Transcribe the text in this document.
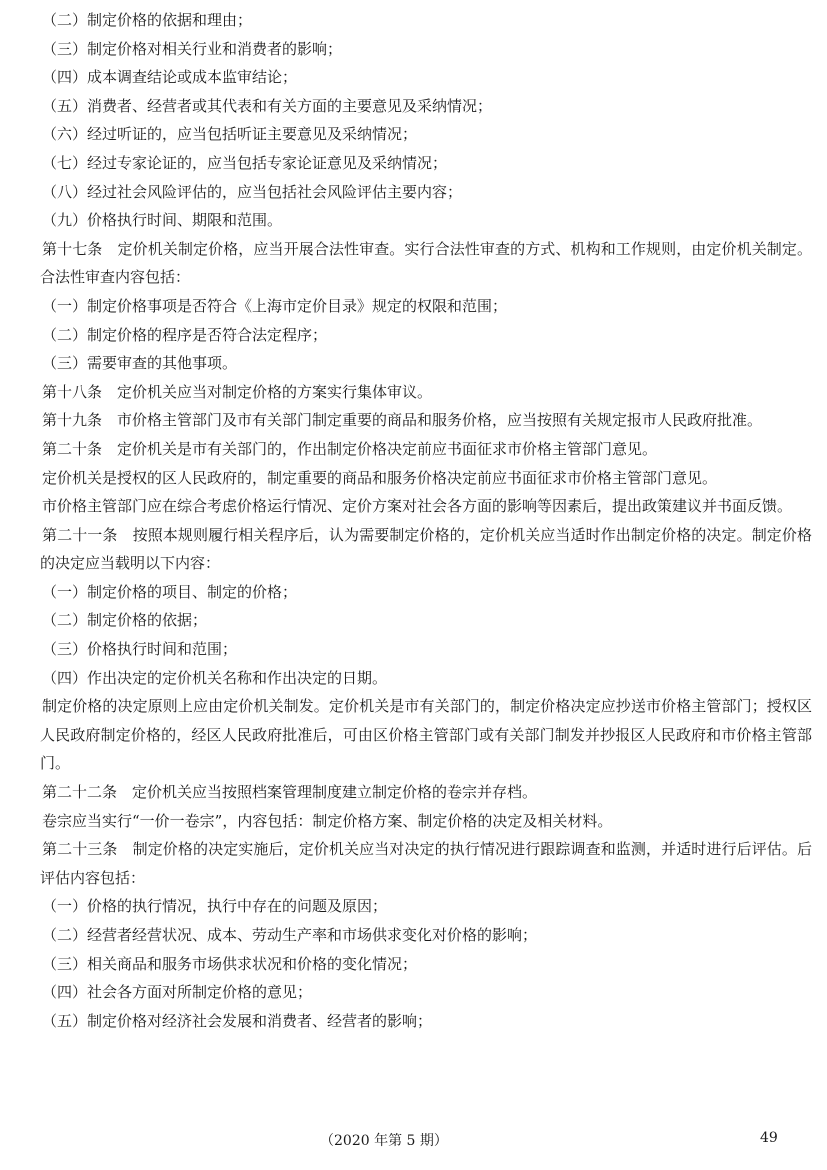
（二）制定价格的依据和理由；

（三）制定价格对相关行业和消费者的影响；

（四）成本调查结论或成本监审结论；

（五）消费者、经营者或其代表和有关方面的主要意见及采纳情况；

（六）经过听证的，应当包括听证主要意见及采纳情况；

（七）经过专家论证的，应当包括专家论证意见及采纳情况；

（八）经过社会风险评估的，应当包括社会风险评估主要内容；

（九）价格执行时间、期限和范围。

第十七条　定价机关制定价格，应当开展合法性审查。实行合法性审查的方式、机构和工作规则，由定价机关制定。合法性审查内容包括：

（一）制定价格事项是否符合《上海市定价目录》规定的权限和范围；

（二）制定价格的程序是否符合法定程序；

（三）需要审查的其他事项。

第十八条　定价机关应当对制定价格的方案实行集体审议。

第十九条　市价格主管部门及市有关部门制定重要的商品和服务价格，应当按照有关规定报市人民政府批准。

第二十条　定价机关是市有关部门的，作出制定价格决定前应书面征求市价格主管部门意见。

定价机关是授权的区人民政府的，制定重要的商品和服务价格决定前应书面征求市价格主管部门意见。

市价格主管部门应在综合考虑价格运行情况、定价方案对社会各方面的影响等因素后，提出政策建议并书面反馈。

第二十一条　按照本规则履行相关程序后，认为需要制定价格的，定价机关应当适时作出制定价格的决定。制定价格的决定应当载明以下内容：

（一）制定价格的项目、制定的价格；

（二）制定价格的依据；

（三）价格执行时间和范围；

（四）作出决定的定价机关名称和作出决定的日期。

制定价格的决定原则上应由定价机关制发。定价机关是市有关部门的，制定价格决定应抄送市价格主管部门；授权区人民政府制定价格的，经区人民政府批准后，可由区价格主管部门或有关部门制发并抄报区人民政府和市价格主管部门。

第二十二条　定价机关应当按照档案管理制度建立制定价格的卷宗并存档。

卷宗应当实行“一价一卷宗”，内容包括：制定价格方案、制定价格的决定及相关材料。

第二十三条　制定价格的决定实施后，定价机关应当对决定的执行情况进行跟踪调查和监测，并适时进行后评估。后评估内容包括：

（一）价格的执行情况，执行中存在的问题及原因；

（二）经营者经营状况、成本、劳动生产率和市场供求变化对价格的影响；

（三）相关商品和服务市场供求状况和价格的变化情况；

（四）社会各方面对所制定价格的意见；

（五）制定价格对经济社会发展和消费者、经营者的影响；

（2020 年第 5 期）	49
